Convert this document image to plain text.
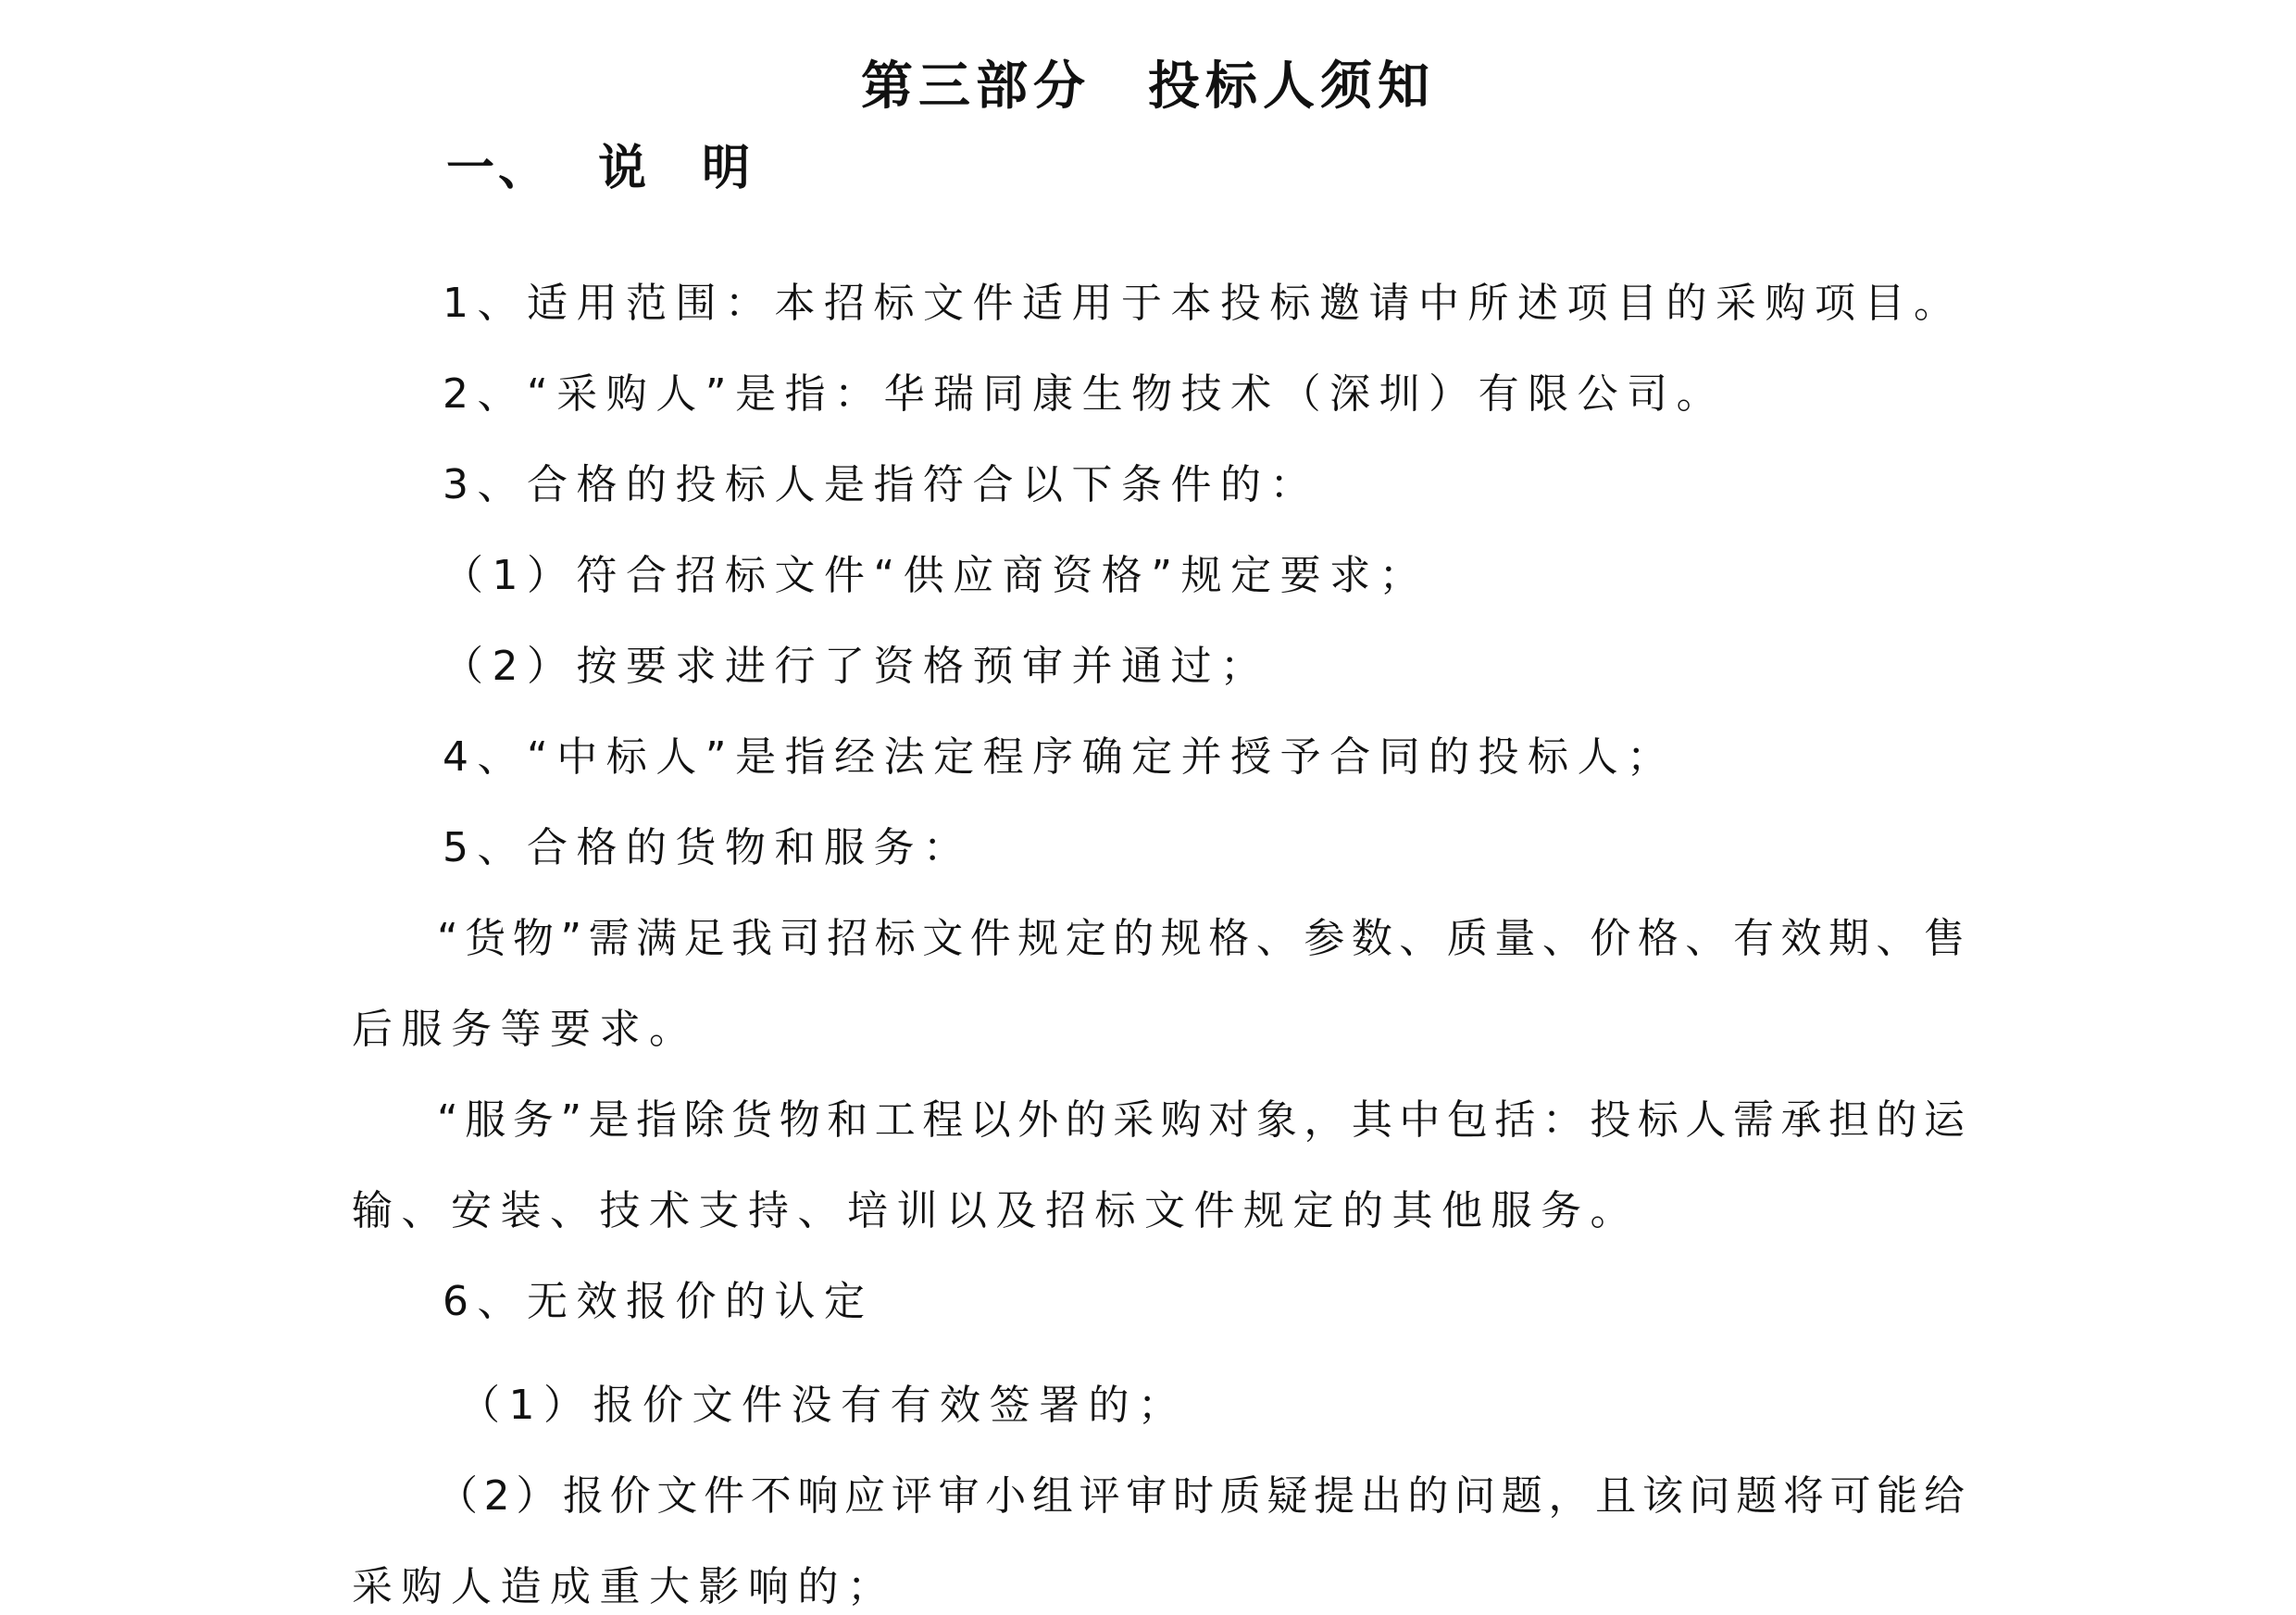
第三部分　投标人须知
一、　 说　明
1、适用范围：本招标文件适用于本投标邀请中所述项目的采购项目。
2、“采购人”是指：华瑞同康生物技术（深圳）有限公司。
3、合格的投标人是指符合以下条件的：
（1）符合招标文件“供应商资格”规定要求；
（2）按要求进行了资格预审并通过；
4、“中标人”是指经法定程序确定并授予合同的投标人；
5、合格的货物和服务：
“货物”需满足我司招标文件规定的规格、参数、质量、价格、有效期、售
后服务等要求。
“服务”是指除货物和工程以外的采购对象，其中包括：投标人需承担的运
输、安装、技术支持、培训以及招标文件规定的其他服务。
6、无效报价的认定
（1）报价文件没有有效签署的；
（2）报价文件不响应评审小组评审时质疑提出的问题，且该问题将可能给
采购人造成重大影响的；
